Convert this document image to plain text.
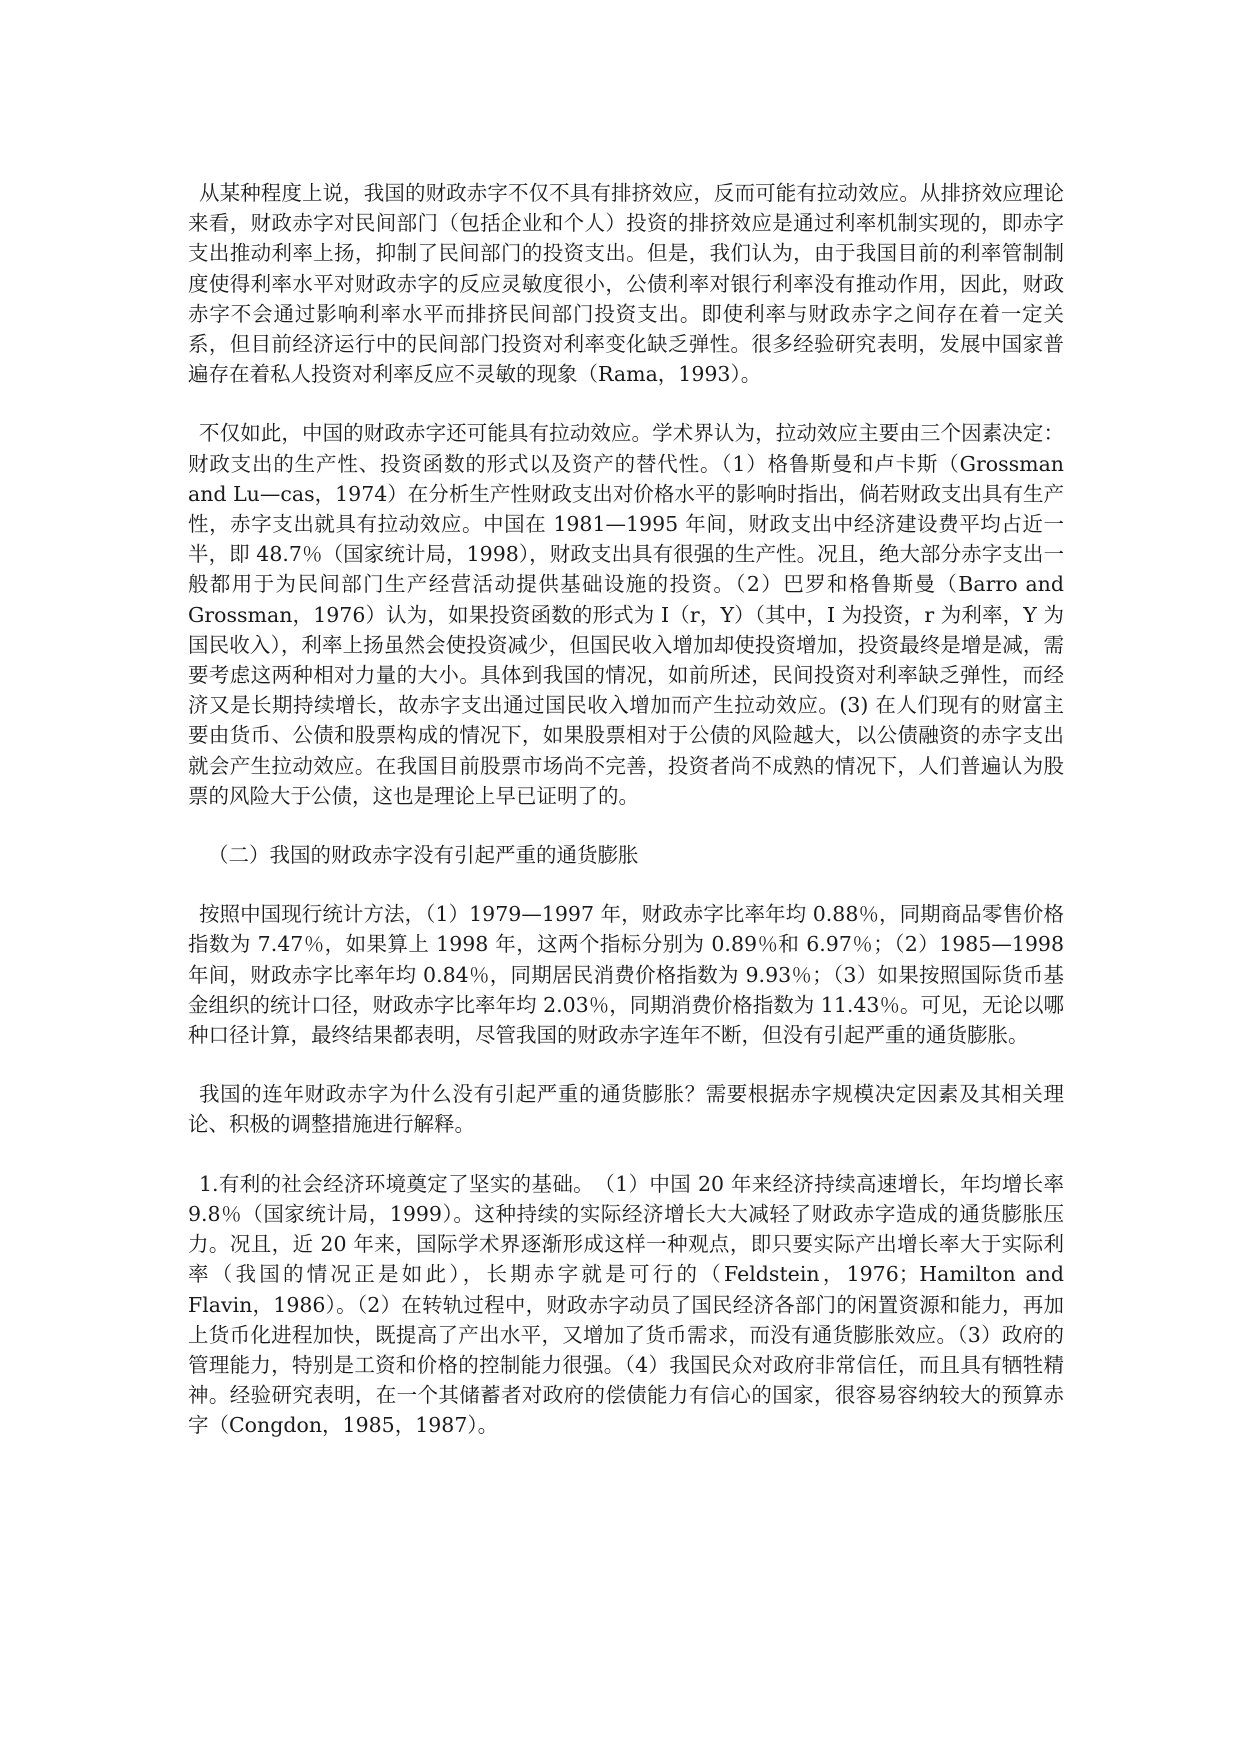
从某种程度上说，我国的财政赤字不仅不具有排挤效应，反而可能有拉动效应。从排挤效应理论来看，财政赤字对民间部门（包括企业和个人）投资的排挤效应是通过利率机制实现的，即赤字支出推动利率上扬，抑制了民间部门的投资支出。但是，我们认为，由于我国目前的利率管制制度使得利率水平对财政赤字的反应灵敏度很小，公债利率对银行利率没有推动作用，因此，财政赤字不会通过影响利率水平而排挤民间部门投资支出。即使利率与财政赤字之间存在着一定关系，但目前经济运行中的民间部门投资对利率变化缺乏弹性。很多经验研究表明，发展中国家普遍存在着私人投资对利率反应不灵敏的现象（Rama，1993）。

不仅如此，中国的财政赤字还可能具有拉动效应。学术界认为，拉动效应主要由三个因素决定：财政支出的生产性、投资函数的形式以及资产的替代性。（1）格鲁斯曼和卢卡斯（Grossman and Lu—cas，1974）在分析生产性财政支出对价格水平的影响时指出，倘若财政支出具有生产性，赤字支出就具有拉动效应。中国在 1981—1995 年间，财政支出中经济建设费平均占近一半，即 48.7％（国家统计局，1998），财政支出具有很强的生产性。况且，绝大部分赤字支出一般都用于为民间部门生产经营活动提供基础设施的投资。（2）巴罗和格鲁斯曼（Barro and Grossman，1976）认为，如果投资函数的形式为 I（r，Y）（其中，I 为投资，r 为利率，Y 为国民收入），利率上扬虽然会使投资减少，但国民收入增加却使投资增加，投资最终是增是减，需要考虑这两种相对力量的大小。具体到我国的情况，如前所述，民间投资对利率缺乏弹性，而经济又是长期持续增长，故赤字支出通过国民收入增加而产生拉动效应。(3) 在人们现有的财富主要由货币、公债和股票构成的情况下，如果股票相对于公债的风险越大，以公债融资的赤字支出就会产生拉动效应。在我国目前股票市场尚不完善，投资者尚不成熟的情况下，人们普遍认为股票的风险大于公债，这也是理论上早已证明了的。

（二）我国的财政赤字没有引起严重的通货膨胀

按照中国现行统计方法，（1）1979—1997 年，财政赤字比率年均 0.88％，同期商品零售价格指数为 7.47％，如果算上 1998 年，这两个指标分别为 0.89％和 6.97％；（2）1985—1998 年间，财政赤字比率年均 0.84％，同期居民消费价格指数为 9.93％；（3）如果按照国际货币基金组织的统计口径，财政赤字比率年均 2.03％，同期消费价格指数为 11.43％。可见，无论以哪种口径计算，最终结果都表明，尽管我国的财政赤字连年不断，但没有引起严重的通货膨胀。

我国的连年财政赤字为什么没有引起严重的通货膨胀？需要根据赤字规模决定因素及其相关理论、积极的调整措施进行解释。

1.有利的社会经济环境奠定了坚实的基础。　（1）中国 20 年来经济持续高速增长，年均增长率 9.8％（国家统计局，1999）。这种持续的实际经济增长大大减轻了财政赤字造成的通货膨胀压力。况且，近 20 年来，国际学术界逐渐形成这样一种观点，即只要实际产出增长率大于实际利率（我国的情况正是如此），长期赤字就是可行的（Feldstein，1976；Hamilton and Flavin，1986）。（2）在转轨过程中，财政赤字动员了国民经济各部门的闲置资源和能力，再加上货币化进程加快，既提高了产出水平，又增加了货币需求，而没有通货膨胀效应。（3）政府的管理能力，特别是工资和价格的控制能力很强。（4）我国民众对政府非常信任，而且具有牺牲精神。经验研究表明，在一个其储蓄者对政府的偿债能力有信心的国家，很容易容纳较大的预算赤字（Congdon，1985，1987）。
